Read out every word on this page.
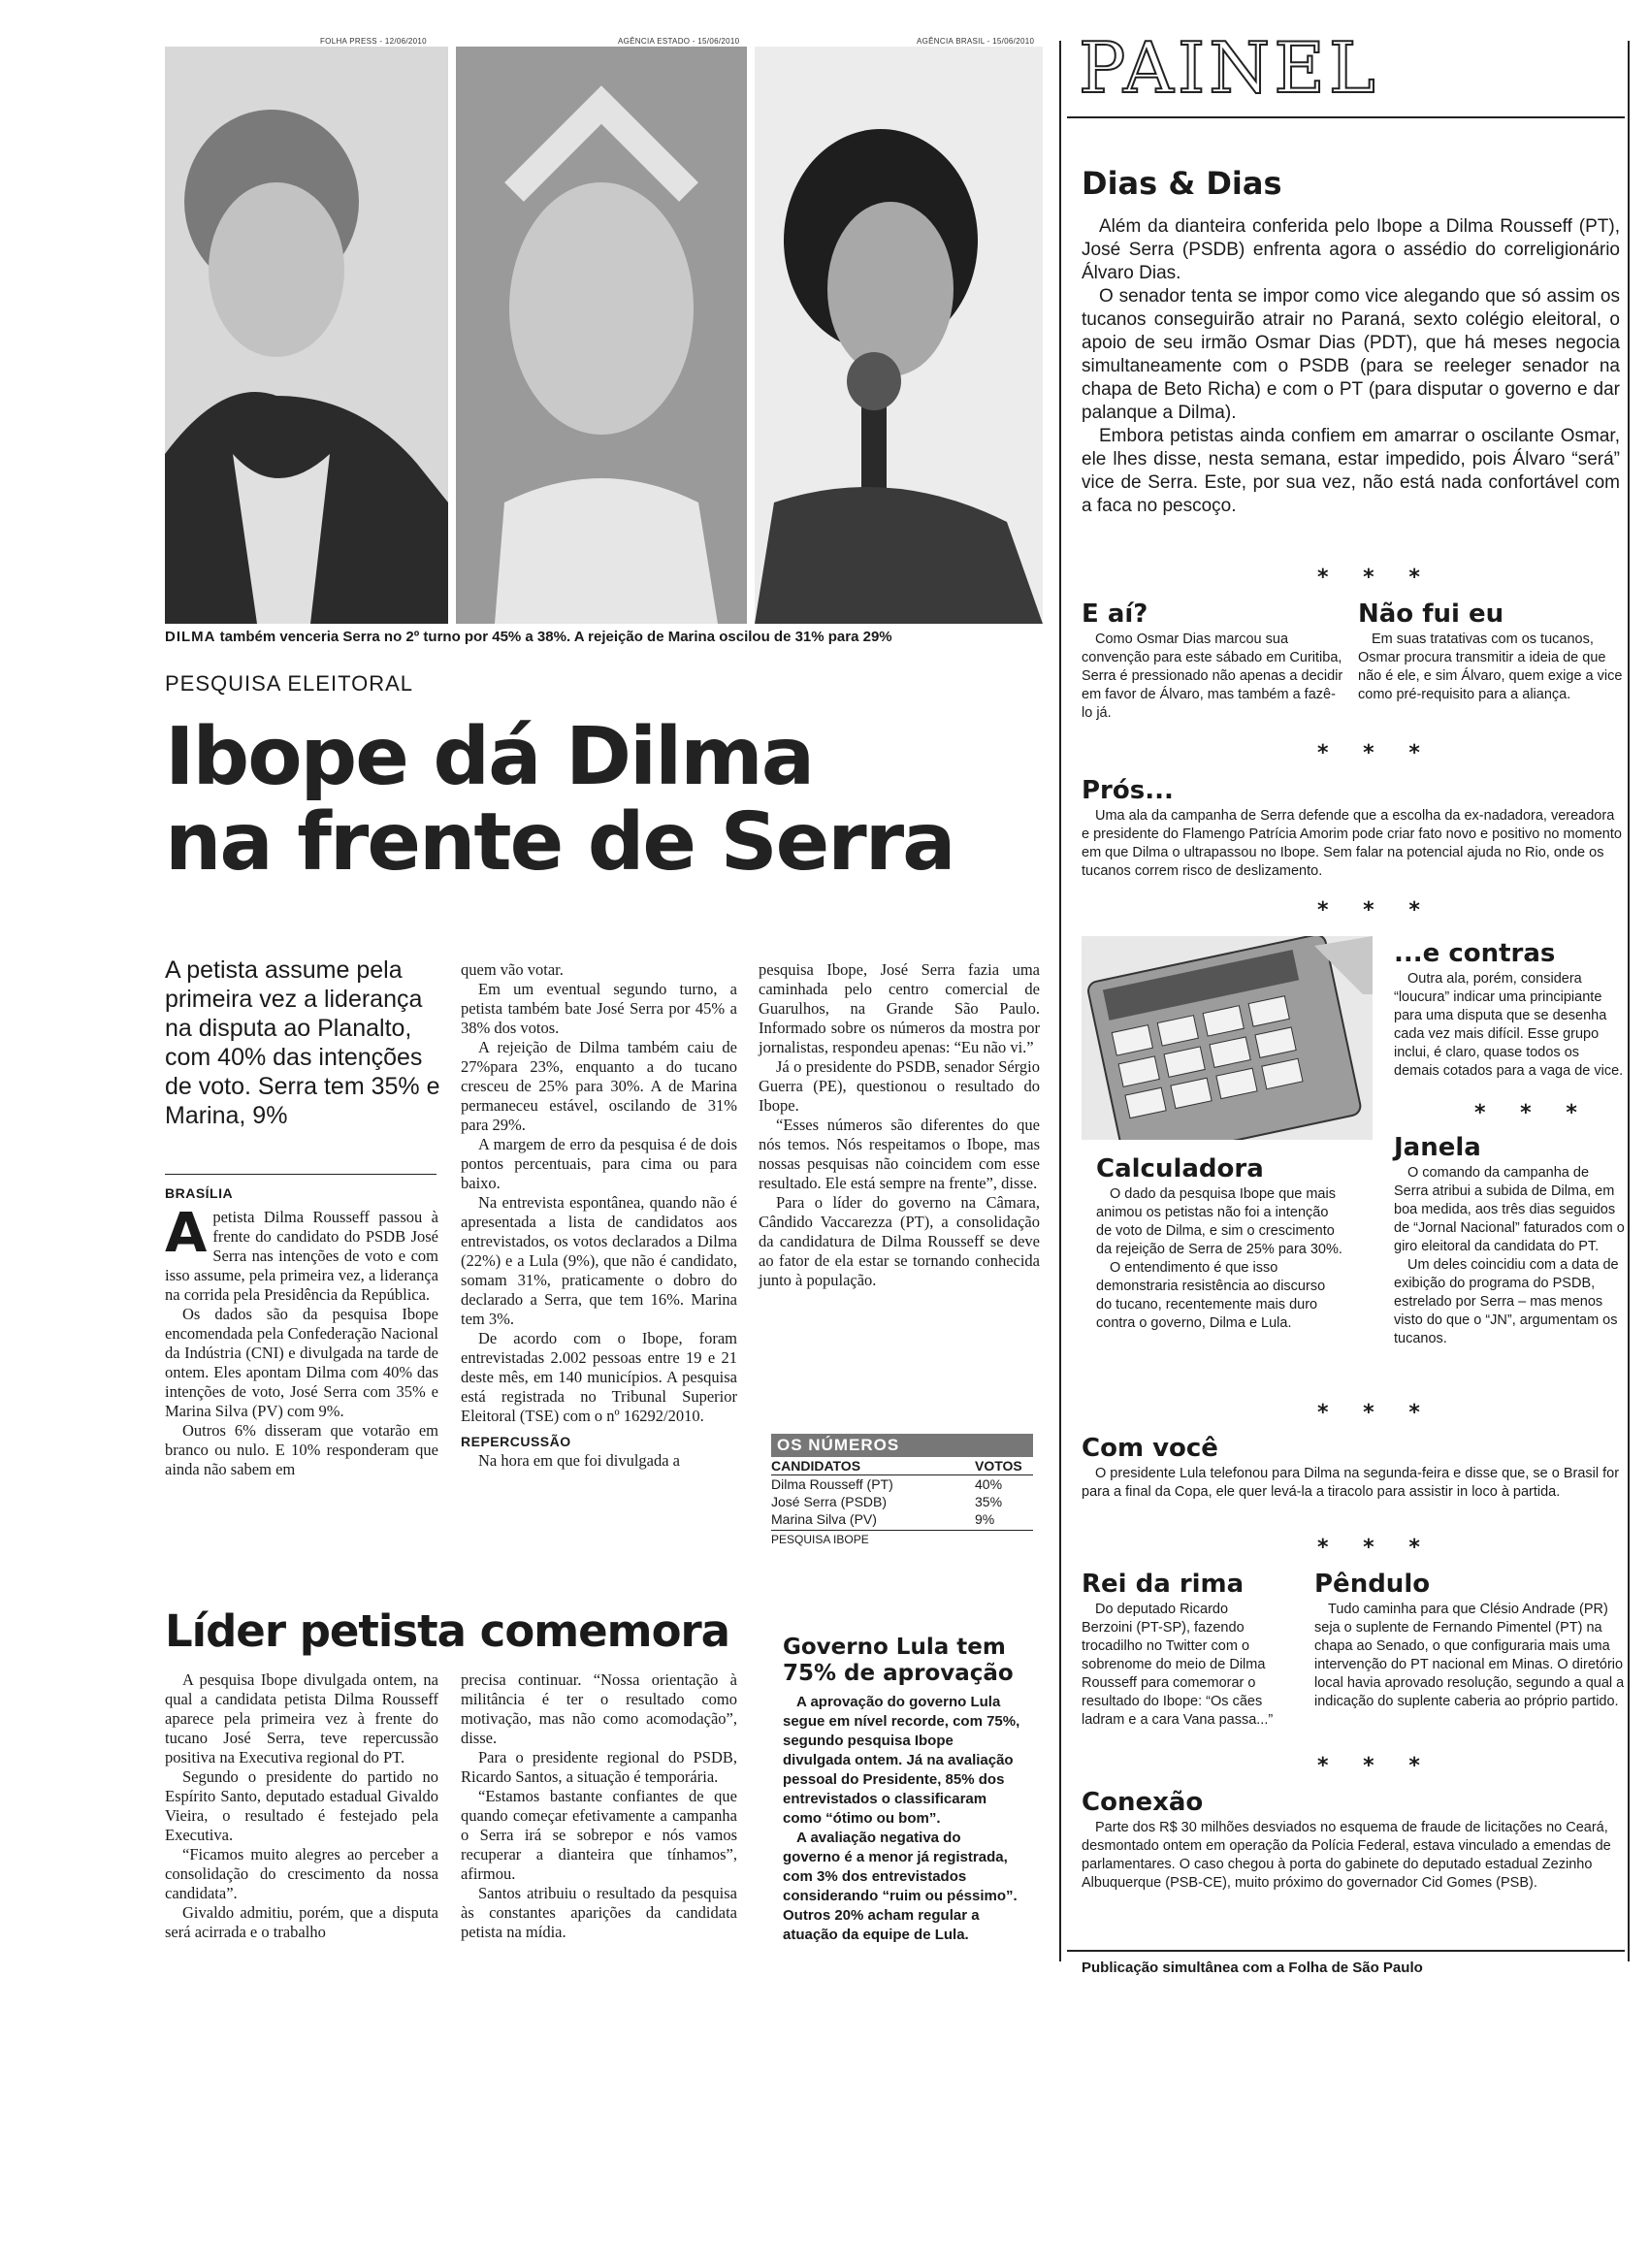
FOLHA PRESS - 12/06/2010	AGÊNCIA ESTADO - 15/06/2010	AGÊNCIA BRASIL - 15/06/2010
DILMA também venceria Serra no 2º turno por 45% a 38%. A rejeição de Marina oscilou de 31% para 29%
PESQUISA ELEITORAL
Ibope dá Dilma
na frente de Serra
A petista assume pela primeira vez a liderança na disputa ao Planalto, com 40% das intenções de voto. Serra tem 35% e Marina, 9%
BRASÍLIA
A petista Dilma Rousseff passou à frente do candidato do PSDB José Serra nas intenções de voto e com isso assume, pela primeira vez, a liderança na corrida pela Presidência da República.

Os dados são da pesquisa Ibope encomendada pela Confederação Nacional da Indústria (CNI) e divulgada na tarde de ontem. Eles apontam Dilma com 40% das intenções de voto, José Serra com 35% e Marina Silva (PV) com 9%.

Outros 6% disseram que votarão em branco ou nulo. E 10% responderam que ainda não sabem em

quem vão votar.

Em um eventual segundo turno, a petista também bate José Serra por 45% a 38% dos votos.

A rejeição de Dilma também caiu de 27%para 23%, enquanto a do tucano cresceu de 25% para 30%. A de Marina permaneceu estável, oscilando de 31% para 29%.

A margem de erro da pesquisa é de dois pontos percentuais, para cima ou para baixo.

Na entrevista espontânea, quando não é apresentada a lista de candidatos aos entrevistados, os votos declarados a Dilma (22%) e a Lula (9%), que não é candidato, somam 31%, praticamente o dobro do declarado a Serra, que tem 16%. Marina tem 3%.

De acordo com o Ibope, foram entrevistadas 2.002 pessoas entre 19 e 21 deste mês, em 140 municípios. A pesquisa está registrada no Tribunal Superior Eleitoral (TSE) com o nº 16292/2010.

REPERCUSSÃO

Na hora em que foi divulgada a

pesquisa Ibope, José Serra fazia uma caminhada pelo centro comercial de Guarulhos, na Grande São Paulo. Informado sobre os números da mostra por jornalistas, respondeu apenas: “Eu não vi.”

Já o presidente do PSDB, senador Sérgio Guerra (PE), questionou o resultado do Ibope.

“Esses números são diferentes do que nós temos. Nós respeitamos o Ibope, mas nossas pesquisas não coincidem com esse resultado. Ele está sempre na frente”, disse.

Para o líder do governo na Câmara, Cândido Vaccarezza (PT), a consolidação da candidatura de Dilma Rousseff se deve ao fator de ela estar se tornando conhecida junto à população.

OS NÚMEROS
CANDIDATOS	VOTOS
Dilma Rousseff (PT)	40%
José Serra (PSDB)	35%
Marina Silva (PV)	9%
PESQUISA IBOPE
Líder petista comemora

A pesquisa Ibope divulgada ontem, na qual a candidata petista Dilma Rousseff aparece pela primeira vez à frente do tucano José Serra, teve repercussão positiva na Executiva regional do PT.

Segundo o presidente do partido no Espírito Santo, deputado estadual Givaldo Vieira, o resultado é festejado pela Executiva.

“Ficamos muito alegres ao perceber a consolidação do crescimento da nossa candidata”.

Givaldo admitiu, porém, que a disputa será acirrada e o trabalho

precisa continuar. “Nossa orientação à militância é ter o resultado como motivação, mas não como acomodação”, disse.

Para o presidente regional do PSDB, Ricardo Santos, a situação é temporária.

“Estamos bastante confiantes de que quando começar efetivamente a campanha o Serra irá se sobrepor e nós vamos recuperar a dianteira que tínhamos”, afirmou.

Santos atribuiu o resultado da pesquisa às constantes aparições da candidata petista na mídia.

Governo Lula tem
75% de aprovação

A aprovação do governo Lula segue em nível recorde, com 75%, segundo pesquisa Ibope divulgada ontem. Já na avaliação pessoal do Presidente, 85% dos entrevistados o classificaram como “ótimo ou bom”.

A avaliação negativa do governo é a menor já registrada, com 3% dos entrevistados considerando “ruim ou péssimo”. Outros 20% acham regular a atuação da equipe de Lula.

PAINEL
Dias & Dias

Além da dianteira conferida pelo Ibope a Dilma Rousseff (PT), José Serra (PSDB) enfrenta agora o assédio do correligionário Álvaro Dias.

O senador tenta se impor como vice alegando que só assim os tucanos conseguirão atrair no Paraná, sexto colégio eleitoral, o apoio de seu irmão Osmar Dias (PDT), que há meses negocia simultaneamente com o PSDB (para se reeleger senador na chapa de Beto Richa) e com o PT (para disputar o governo e dar palanque a Dilma).

Embora petistas ainda confiem em amarrar o oscilante Osmar, ele lhes disse, nesta semana, estar impedido, pois Álvaro “será” vice de Serra. Este, por sua vez, não está nada confortável com a faca no pescoço.

* * *
E aí?

Como Osmar Dias marcou sua convenção para este sábado em Curitiba, Serra é pressionado não apenas a decidir em favor de Álvaro, mas também a fazê-lo já.

Não fui eu

Em suas tratativas com os tucanos, Osmar procura transmitir a ideia de que não é ele, e sim Álvaro, quem exige a vice como pré-requisito para a aliança.

* * *
Prós...

Uma ala da campanha de Serra defende que a escolha da ex-nadadora, vereadora e presidente do Flamengo Patrícia Amorim pode criar fato novo e positivo no momento em que Dilma o ultrapassou no Ibope. Sem falar na potencial ajuda no Rio, onde os tucanos correm risco de deslizamento.

* * *
...e contras

Outra ala, porém, considera “loucura” indicar uma principiante para uma disputa que se desenha cada vez mais difícil. Esse grupo inclui, é claro, quase todos os demais cotados para a vaga de vice.

* * *
Calculadora

O dado da pesquisa Ibope que mais animou os petistas não foi a intenção de voto de Dilma, e sim o crescimento da rejeição de Serra de 25% para 30%.

O entendimento é que isso demonstraria resistência ao discurso do tucano, recentemente mais duro contra o governo, Dilma e Lula.

Janela

O comando da campanha de Serra atribui a subida de Dilma, em boa medida, aos três dias seguidos de “Jornal Nacional” faturados com o giro eleitoral da candidata do PT.

Um deles coincidiu com a data de exibição do programa do PSDB, estrelado por Serra – mas menos visto do que o “JN”, argumentam os tucanos.

* * *
Com você

O presidente Lula telefonou para Dilma na segunda-feira e disse que, se o Brasil for para a final da Copa, ele quer levá-la a tiracolo para assistir in loco à partida.

* * *
Rei da rima

Do deputado Ricardo Berzoini (PT-SP), fazendo trocadilho no Twitter com o sobrenome do meio de Dilma Rousseff para comemorar o resultado do Ibope: “Os cães ladram e a cara Vana passa...”

Pêndulo

Tudo caminha para que Clésio Andrade (PR) seja o suplente de Fernando Pimentel (PT) na chapa ao Senado, o que configuraria mais uma intervenção do PT nacional em Minas. O diretório local havia aprovado resolução, segundo a qual a indicação do suplente caberia ao próprio partido.

* * *
Conexão

Parte dos R$ 30 milhões desviados no esquema de fraude de licitações no Ceará, desmontado ontem em operação da Polícia Federal, estava vinculado a emendas de parlamentares. O caso chegou à porta do gabinete do deputado estadual Zezinho Albuquerque (PSB-CE), muito próximo do governador Cid Gomes (PSB).

Publicação simultânea com a Folha de São Paulo
